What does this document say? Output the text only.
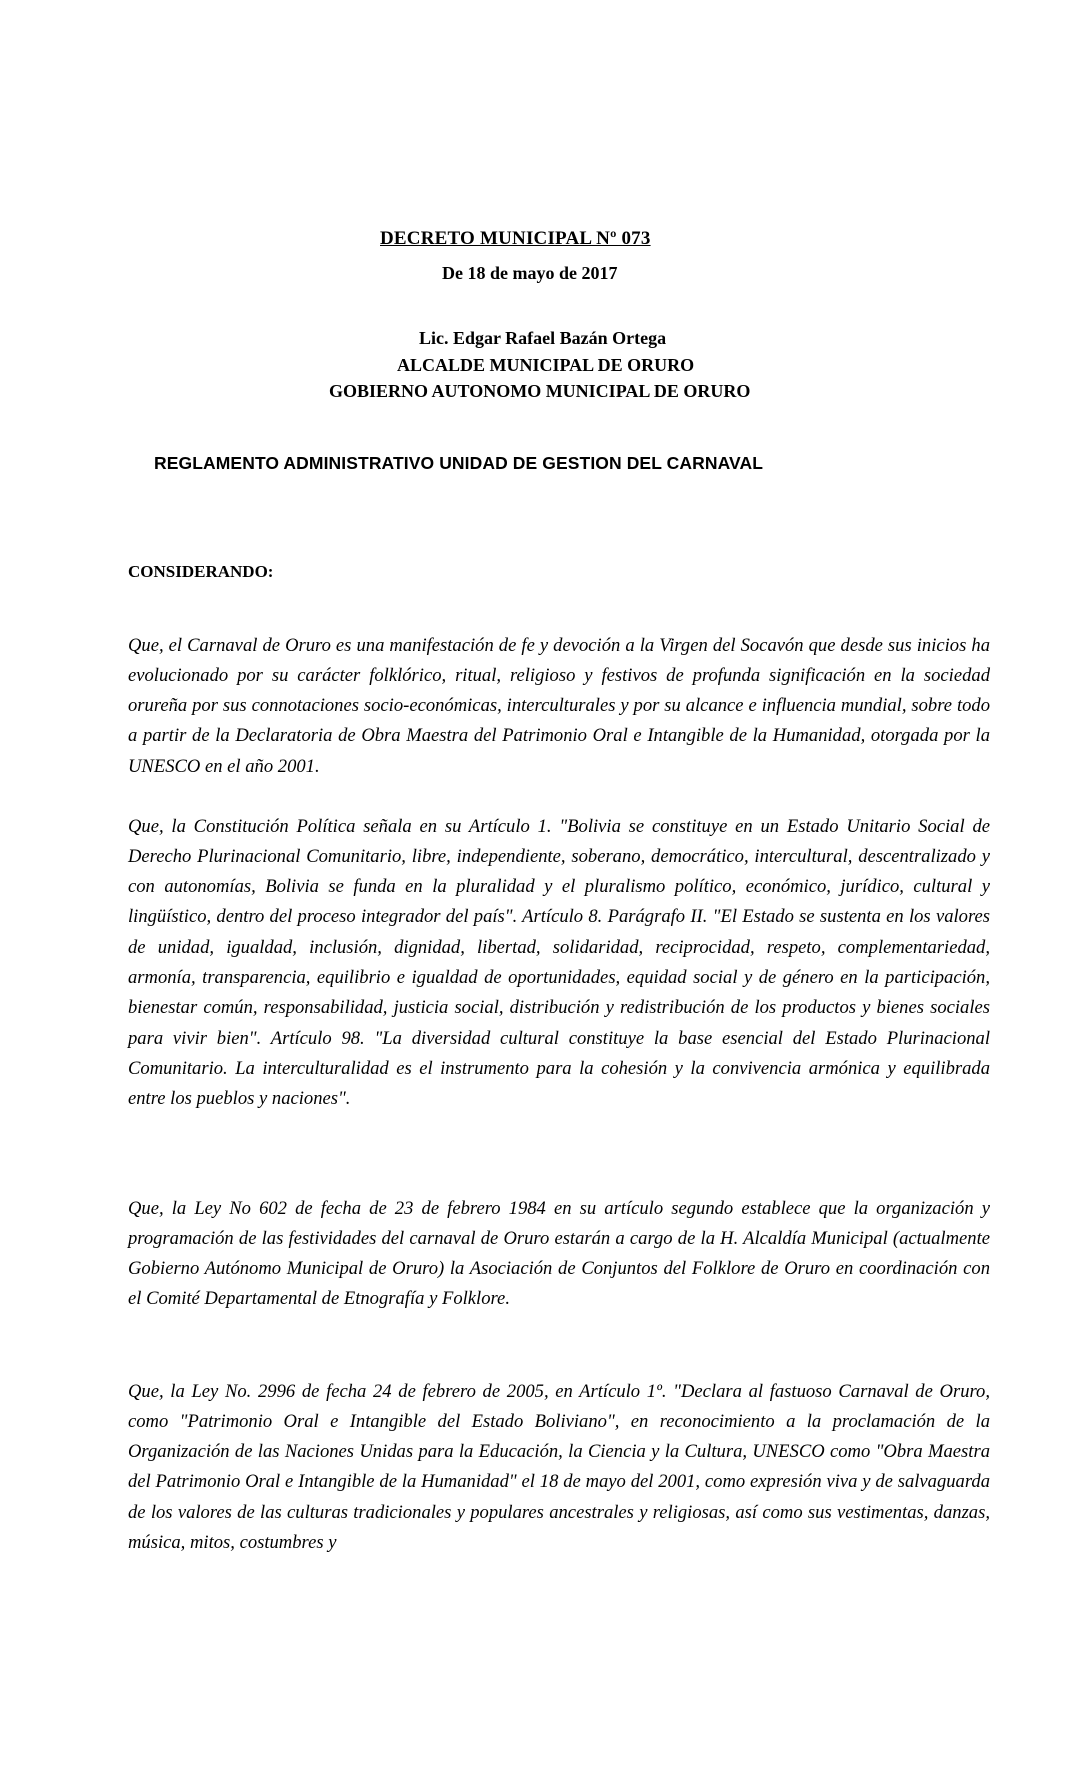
DECRETO MUNICIPAL Nº 073
De 18 de mayo de 2017
Lic. Edgar Rafael Bazán Ortega
ALCALDE MUNICIPAL DE ORURO
GOBIERNO AUTONOMO MUNICIPAL DE ORURO
REGLAMENTO ADMINISTRATIVO UNIDAD DE GESTION DEL CARNAVAL
CONSIDERANDO:

Que, el Carnaval de Oruro es una manifestación de fe y devoción a la Virgen del Socavón que desde sus inicios ha evolucionado por su carácter folklórico, ritual, religioso y festivos de profunda significación en la sociedad orureña por sus connotaciones socio-económicas, interculturales y por su alcance e influencia mundial, sobre todo a partir de la Declaratoria de Obra Maestra del Patrimonio Oral e Intangible de la Humanidad, otorgada por la UNESCO en el año 2001.

Que, la Constitución Política señala en su Artículo 1. "Bolivia se constituye en un Estado Unitario Social de Derecho Plurinacional Comunitario, libre, independiente, soberano, democrático, intercultural, descentralizado y con autonomías, Bolivia se funda en la pluralidad y el pluralismo político, económico, jurídico, cultural y lingüístico, dentro del proceso integrador del país". Artículo 8. Parágrafo II. "El Estado se sustenta en los valores de unidad, igualdad, inclusión, dignidad, libertad, solidaridad, reciprocidad, respeto, complementariedad, armonía, transparencia, equilibrio e igualdad de oportunidades, equidad social y de género en la participación, bienestar común, responsabilidad, justicia social, distribución y redistribución de los productos y bienes sociales para vivir bien". Artículo 98. "La diversidad cultural constituye la base esencial del Estado Plurinacional Comunitario. La interculturalidad es el instrumento para la cohesión y la convivencia armónica y equilibrada entre los pueblos y naciones".

Que, la Ley No 602 de fecha de 23 de febrero 1984 en su artículo segundo establece que la organización y programación de las festividades del carnaval de Oruro estarán a cargo de la H. Alcaldía Municipal (actualmente Gobierno Autónomo Municipal de Oruro) la Asociación de Conjuntos del Folklore de Oruro en coordinación con el Comité Departamental de Etnografía y Folklore.

Que, la Ley No. 2996 de fecha 24 de febrero de 2005, en Artículo 1º. "Declara al fastuoso Carnaval de Oruro, como "Patrimonio Oral e Intangible del Estado Boliviano", en reconocimiento a la proclamación de la Organización de las Naciones Unidas para la Educación, la Ciencia y la Cultura, UNESCO como "Obra Maestra del Patrimonio Oral e Intangible de la Humanidad" el 18 de mayo del 2001, como expresión viva y de salvaguarda de los valores de las culturas tradicionales y populares ancestrales y religiosas, así como sus vestimentas, danzas, música, mitos, costumbres y
